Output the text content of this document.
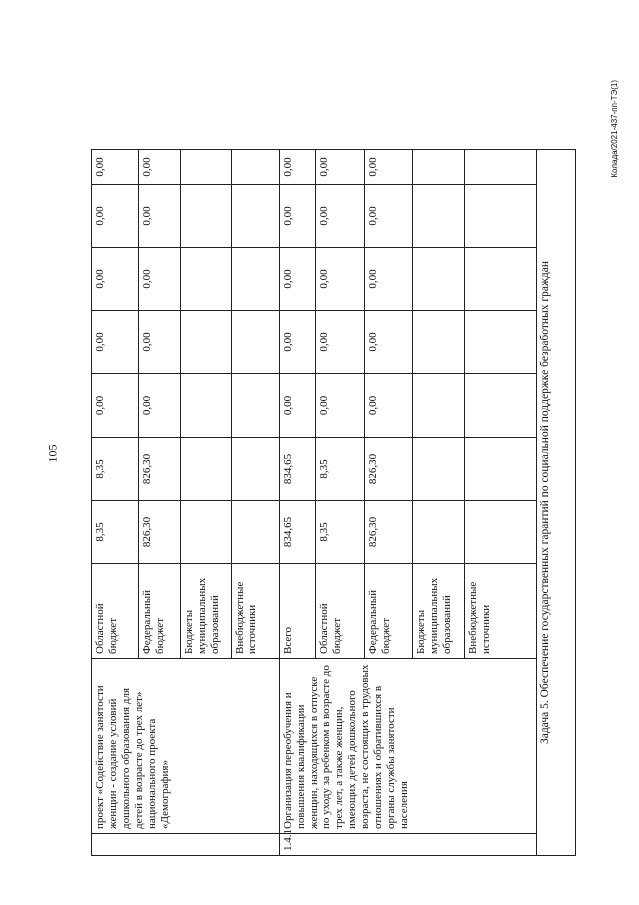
105
Колада/2021-437-пп-ТЭ(1)
	проект «Содействие занятости женщин - создание условий дошкольного образования для детей в возрасте до трех лет» национального проекта «Демография»	Областной бюджет	8,35	8,35	0,00	0,00	0,00	0,00	0,00
		Федеральный бюджет	826,30	826,30	0,00	0,00	0,00	0,00	0,00
		Бюджеты муниципальных образований							
		Внебюджетные источники							
1.4.1	Организация переобучения и повышения квалификации женщин, находящихся в отпуске по уходу за ребенком в возрасте до трех лет, а также женщин, имеющих детей дошкольного возраста, не состоящих в трудовых отношениях и обратившихся в органы службы занятости населения	Всего	834,65	834,65	0,00	0,00	0,00	0,00	0,00
		Областной бюджет	8,35	8,35	0,00	0,00	0,00	0,00	0,00
		Федеральный бюджет	826,30	826,30	0,00	0,00	0,00	0,00	0,00
		Бюджеты муниципальных образований							
		Внебюджетные источники							
Задача 5. Обеспечение государственных гарантий по социальной поддержке безработных граждан									
